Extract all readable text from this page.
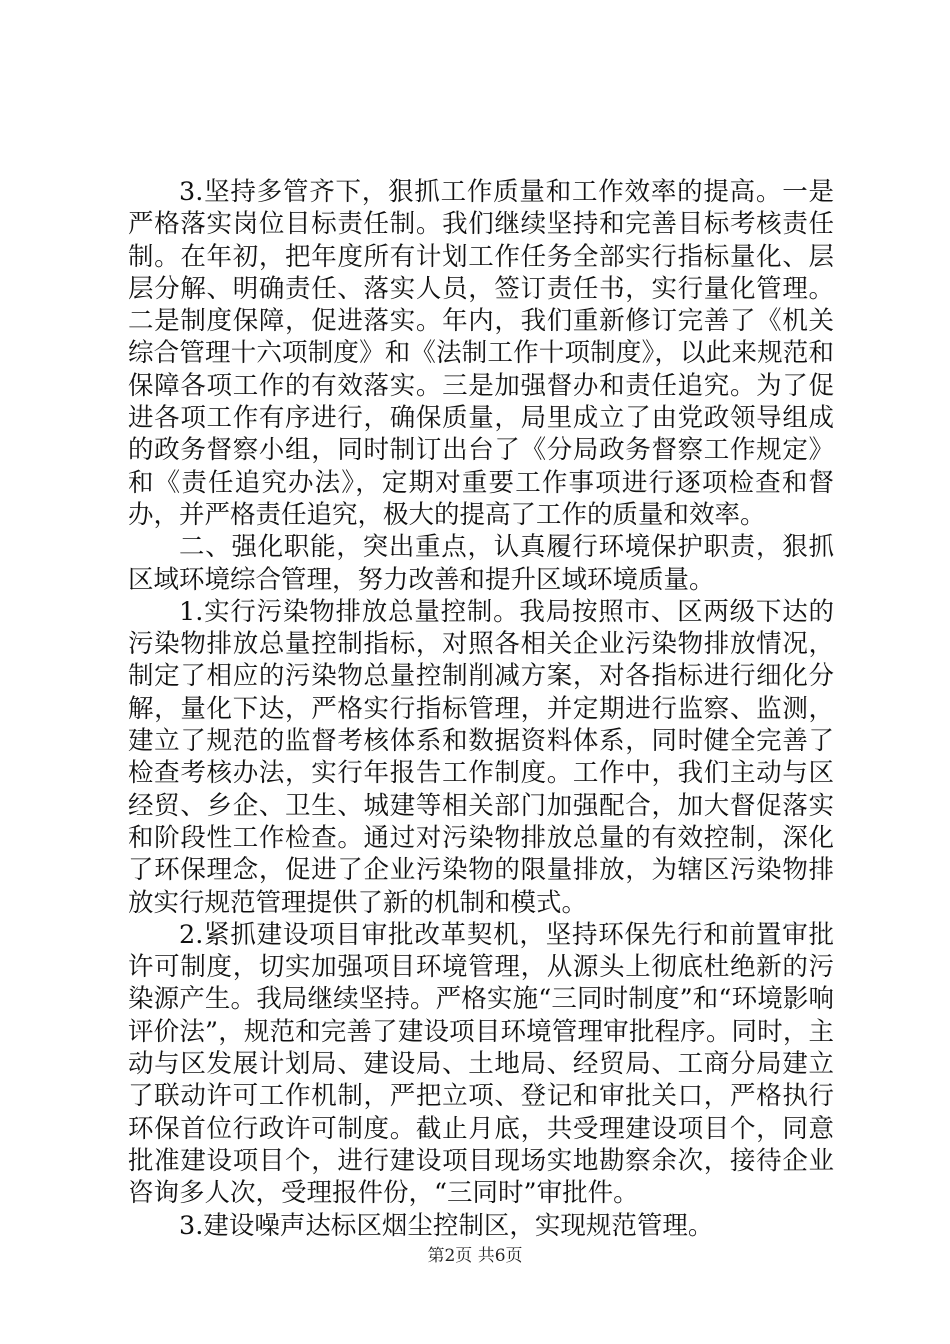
3.坚持多管齐下，狠抓工作质量和工作效率的提高。一是严格落实岗位目标责任制。我们继续坚持和完善目标考核责任制。在年初，把年度所有计划工作任务全部实行指标量化、层层分解、明确责任、落实人员，签订责任书，实行量化管理。二是制度保障，促进落实。年内，我们重新修订完善了《机关综合管理十六项制度》和《法制工作十项制度》，以此来规范和保障各项工作的有效落实。三是加强督办和责任追究。为了促进各项工作有序进行，确保质量，局里成立了由党政领导组成的政务督察小组，同时制订出台了《分局政务督察工作规定》和《责任追究办法》，定期对重要工作事项进行逐项检查和督办，并严格责任追究，极大的提高了工作的质量和效率。

二、强化职能，突出重点，认真履行环境保护职责，狠抓区域环境综合管理，努力改善和提升区域环境质量。

1.实行污染物排放总量控制。我局按照市、区两级下达的污染物排放总量控制指标，对照各相关企业污染物排放情况，制定了相应的污染物总量控制削减方案，对各指标进行细化分解，量化下达，严格实行指标管理，并定期进行监察、监测，建立了规范的监督考核体系和数据资料体系，同时健全完善了检查考核办法，实行年报告工作制度。工作中，我们主动与区经贸、乡企、卫生、城建等相关部门加强配合，加大督促落实和阶段性工作检查。通过对污染物排放总量的有效控制，深化了环保理念，促进了企业污染物的限量排放，为辖区污染物排放实行规范管理提供了新的机制和模式。

2.紧抓建设项目审批改革契机，坚持环保先行和前置审批许可制度，切实加强项目环境管理，从源头上彻底杜绝新的污染源产生。我局继续坚持。严格实施“三同时制度”和“环境影响评价法”，规范和完善了建设项目环境管理审批程序。同时，主动与区发展计划局、建设局、土地局、经贸局、工商分局建立了联动许可工作机制，严把立项、登记和审批关口，严格执行环保首位行政许可制度。截止月底，共受理建设项目个，同意批准建设项目个，进行建设项目现场实地勘察余次，接待企业咨询多人次，受理报件份，“三同时”审批件。

3.建设噪声达标区烟尘控制区，实现规范管理。

第2页 共6页
